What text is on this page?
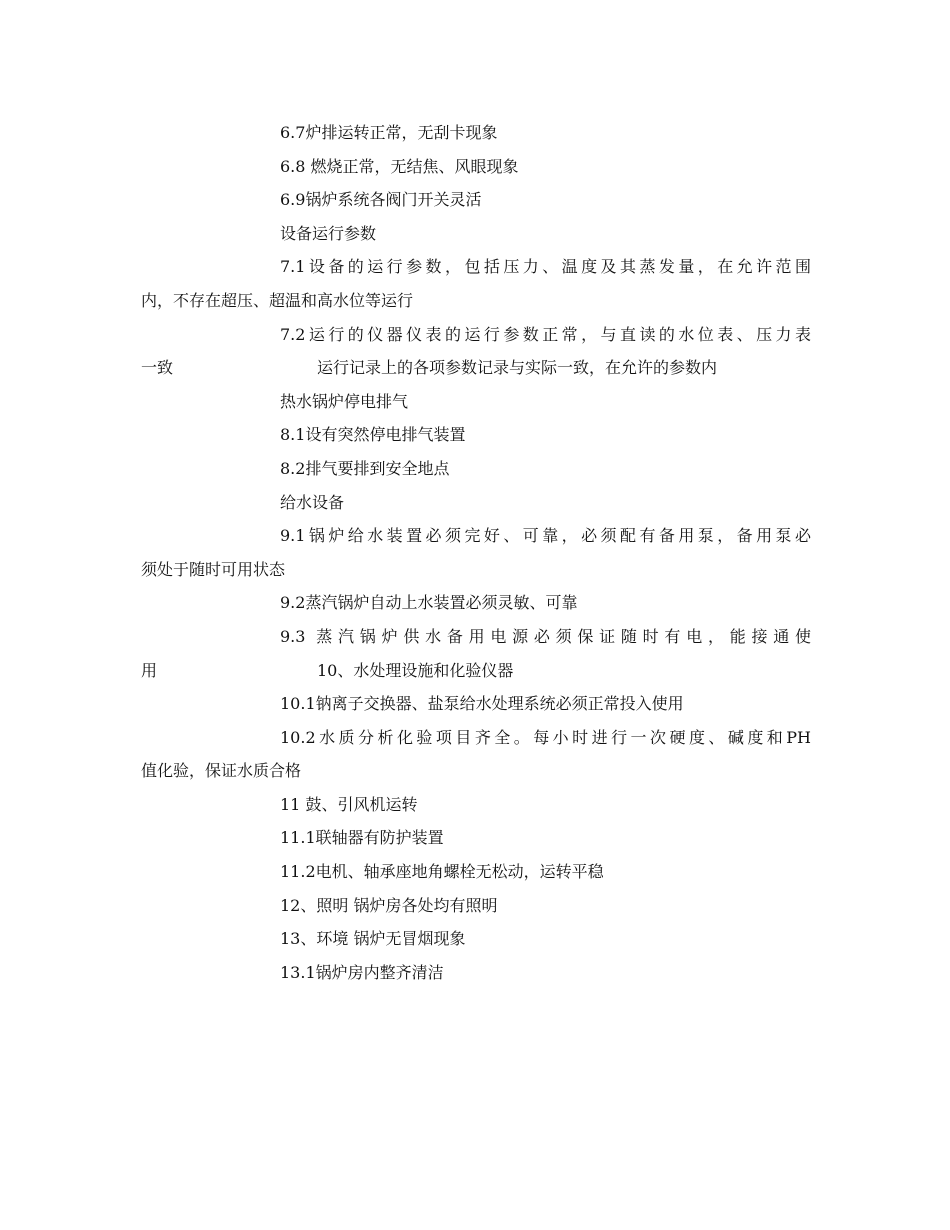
6.7炉排运转正常，无刮卡现象
6.8 燃烧正常，无结焦、风眼现象
6.9锅炉系统各阀门开关灵活
设备运行参数
7.1设备的运行参数，包括压力、温度及其蒸发量，在允许范围
内，不存在超压、超温和高水位等运行
7.2运行的仪器仪表的运行参数正常，与直读的水位表、压力表
一致	运行记录上的各项参数记录与实际一致，在允许的参数内
热水锅炉停电排气
8.1设有突然停电排气装置
8.2排气要排到安全地点
给水设备
9.1锅炉给水装置必须完好、可靠，必须配有备用泵，备用泵必
须处于随时可用状态
9.2蒸汽锅炉自动上水装置必须灵敏、可靠
9.3 蒸汽锅炉供水备用电源必须保证随时有电，能接通使
用	10、水处理设施和化验仪器
10.1钠离子交换器、盐泵给水处理系统必须正常投入使用
10.2水质分析化验项目齐全。每小时进行一次硬度、碱度和PH
值化验，保证水质合格
11 鼓、引风机运转
11.1联轴器有防护装置
11.2电机、轴承座地角螺栓无松动，运转平稳
12、照明 锅炉房各处均有照明
13、环境 锅炉无冒烟现象
13.1锅炉房内整齐清洁
